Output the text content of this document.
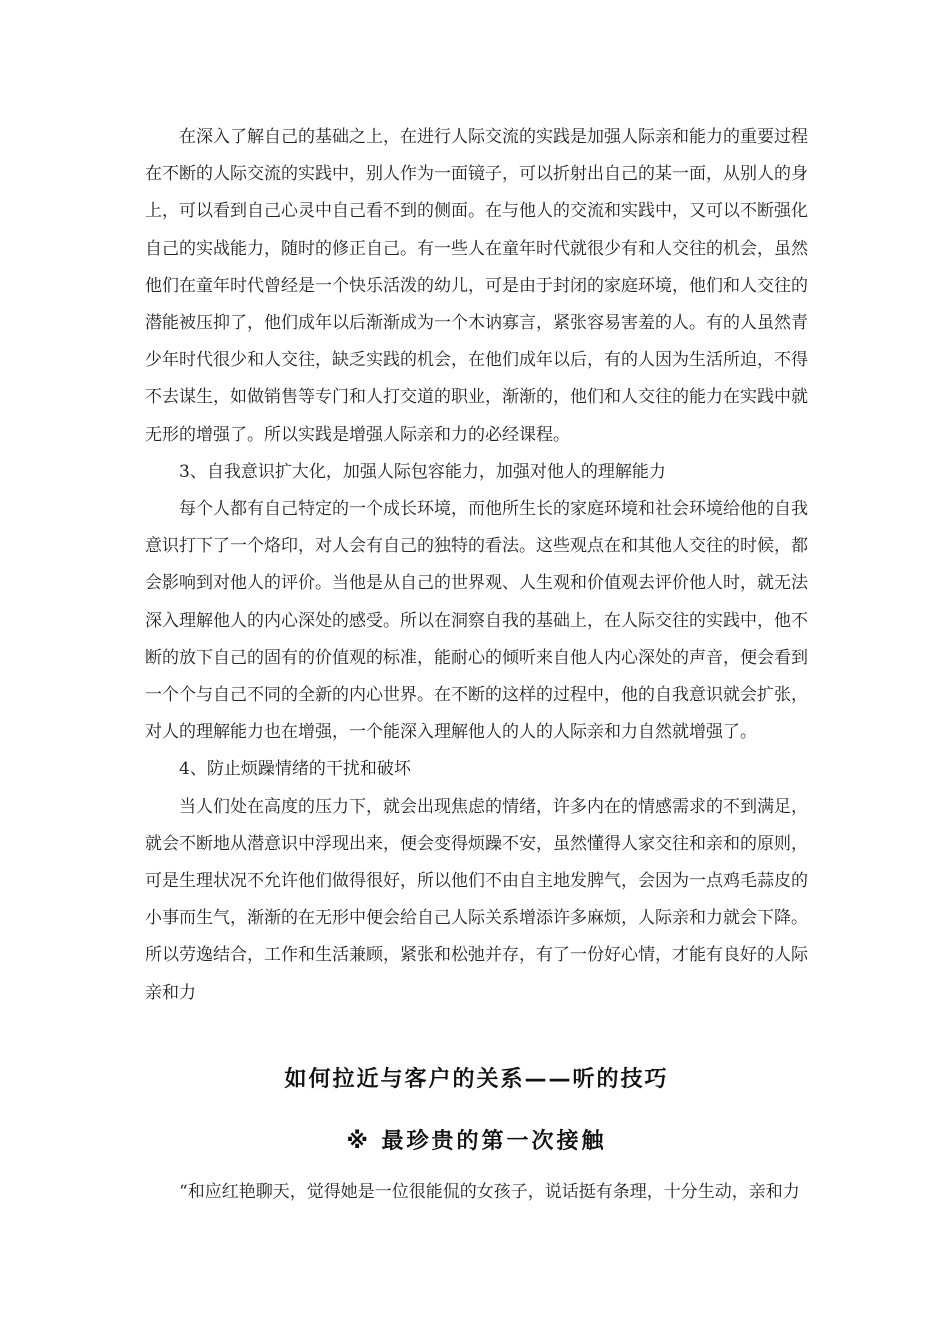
在深入了解自己的基础之上，在进行人际交流的实践是加强人际亲和能力的重要过程在不断的人际交流的实践中，别人作为一面镜子，可以折射出自己的某一面，从别人的身上，可以看到自己心灵中自己看不到的侧面。在与他人的交流和实践中，又可以不断强化自己的实战能力，随时的修正自己。有一些人在童年时代就很少有和人交往的机会，虽然他们在童年时代曾经是一个快乐活泼的幼儿，可是由于封闭的家庭环境，他们和人交往的潜能被压抑了，他们成年以后渐渐成为一个木讷寡言，紧张容易害羞的人。有的人虽然青少年时代很少和人交往，缺乏实践的机会，在他们成年以后，有的人因为生活所迫，不得不去谋生，如做销售等专门和人打交道的职业，渐渐的，他们和人交往的能力在实践中就无形的增强了。所以实践是增强人际亲和力的必经课程。

3、自我意识扩大化，加强人际包容能力，加强对他人的理解能力

每个人都有自己特定的一个成长环境，而他所生长的家庭环境和社会环境给他的自我意识打下了一个烙印，对人会有自己的独特的看法。这些观点在和其他人交往的时候，都会影响到对他人的评价。当他是从自己的世界观、人生观和价值观去评价他人时，就无法深入理解他人的内心深处的感受。所以在洞察自我的基础上，在人际交往的实践中，他不断的放下自己的固有的价值观的标准，能耐心的倾听来自他人内心深处的声音，便会看到一个个与自己不同的全新的内心世界。在不断的这样的过程中，他的自我意识就会扩张，对人的理解能力也在增强，一个能深入理解他人的人的人际亲和力自然就增强了。

4、防止烦躁情绪的干扰和破坏

当人们处在高度的压力下，就会出现焦虑的情绪，许多内在的情感需求的不到满足，就会不断地从潜意识中浮现出来，便会变得烦躁不安，虽然懂得人家交往和亲和的原则，可是生理状况不允许他们做得很好，所以他们不由自主地发脾气，会因为一点鸡毛蒜皮的小事而生气，渐渐的在无形中便会给自己人际关系增添许多麻烦，人际亲和力就会下降。所以劳逸结合，工作和生活兼顾，紧张和松弛并存，有了一份好心情，才能有良好的人际亲和力

如何拉近与客户的关系——听的技巧
※ 最珍贵的第一次接触
“和应红艳聊天，觉得她是一位很能侃的女孩子，说话挺有条理，十分生动，亲和力
